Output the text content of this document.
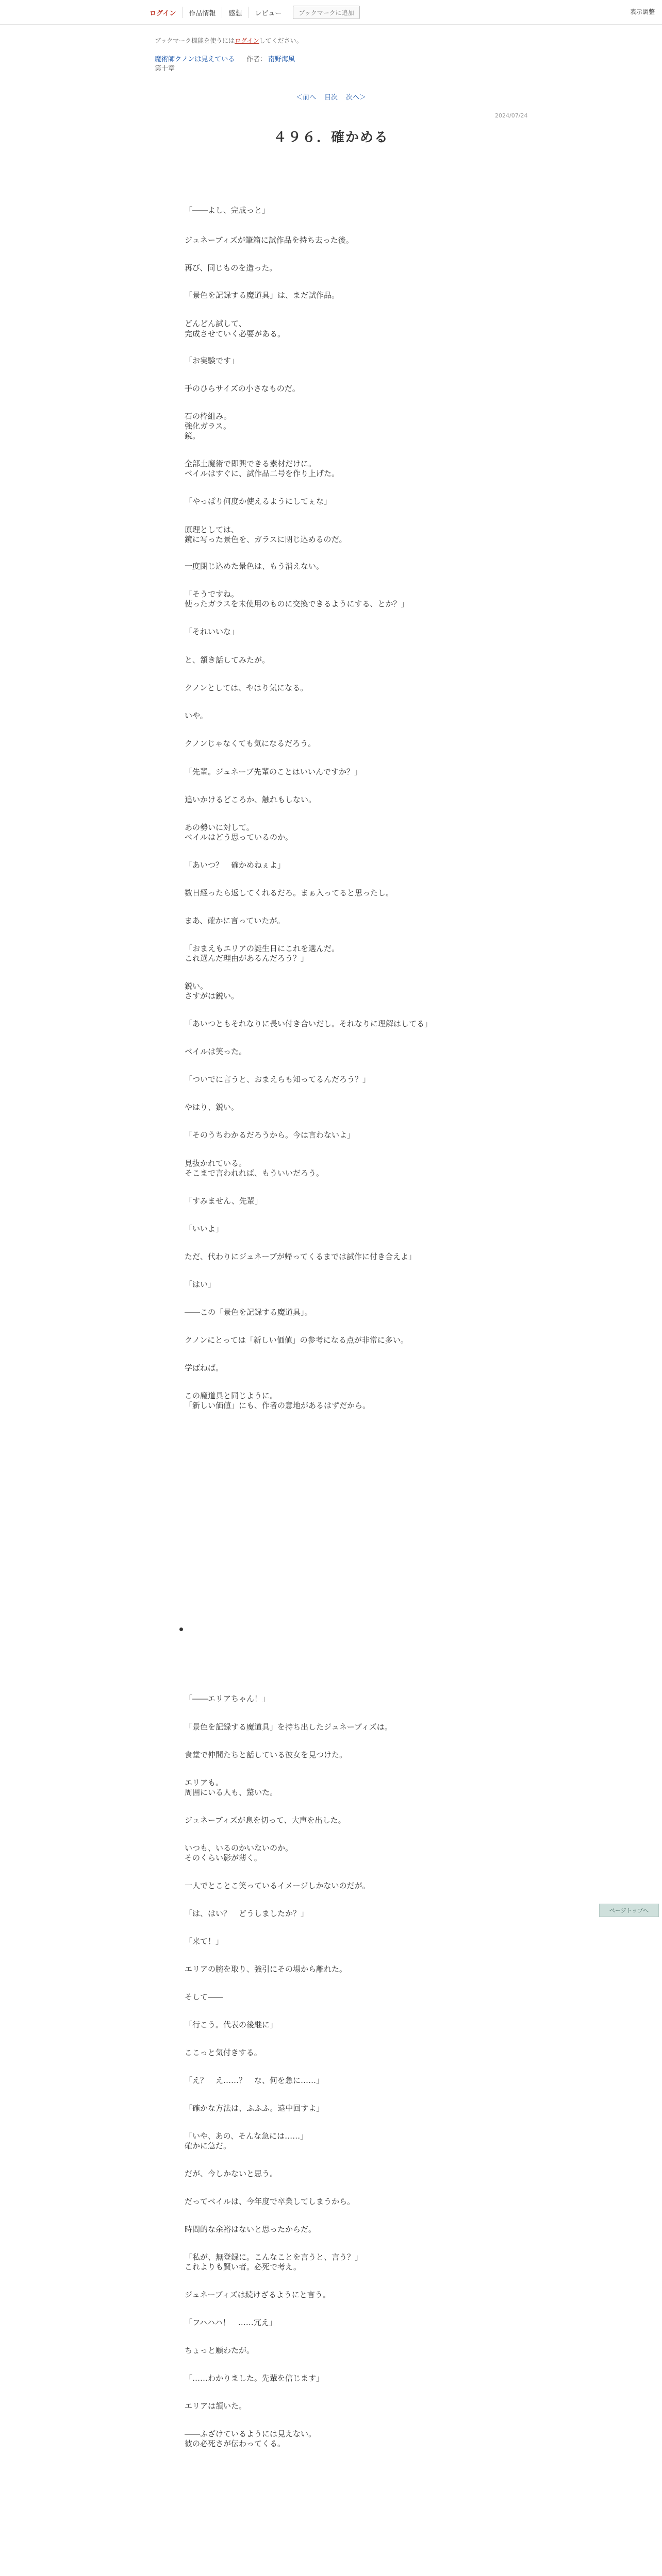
ログイン	作品情報	感想	レビュー	ブックマークに追加	表示調整
ブックマーク機能を使うにはログインしてください。
魔術師クノンは見えている 作者： 南野海風
第十章
＜前へ 目次 次へ＞
2024/07/24
４９６．確かめる

「――よし、完成っと」

ジュネーブィズが筆箱に試作品を持ち去った後。

再び、同じものを造った。

「景色を記録する魔道具」は、まだ試作品。

どんどん試して、

完成させていく必要がある。

「お実験です」

手のひらサイズの小さなものだ。

石の枠組み。

強化ガラス。

鏡。

全部土魔術で即興できる素材だけに。

ベイルはすぐに、試作品二号を作り上げた。

「やっぱり何度か使えるようにしてぇな」

原理としては、

鏡に写った景色を、ガラスに閉じ込めるのだ。

一度閉じ込めた景色は、もう消えない。

「そうですね。

使ったガラスを未使用のものに交換できるようにする、とか？」

「それいいな」

と、頷き話してみたが。

クノンとしては、やはり気になる。

いや。

クノンじゃなくても気になるだろう。

「先輩。ジュネーブ先輩のことはいいんですか？」

追いかけるどころか、触れもしない。

あの勢いに対して。

ベイルはどう思っているのか。

「あいつ？　確かめねぇよ」

数日経ったら返してくれるだろ。まぁ入ってると思ったし。

まあ、確かに言っていたが。

「おまえもエリアの誕生日にこれを選んだ。

これ選んだ理由があるんだろう？」

鋭い。

さすがは鋭い。

「あいつともそれなりに長い付き合いだし。それなりに理解はしてる」

ベイルは笑った。

「ついでに言うと、おまえらも知ってるんだろう？」

やはり、鋭い。

「そのうちわかるだろうから。今は言わないよ」

見抜かれている。

そこまで言われれば、もういいだろう。

「すみません、先輩」

「いいよ」

ただ、代わりにジュネーブが帰ってくるまでは試作に付き合えよ」

「はい」

――この「景色を記録する魔道具」。

クノンにとっては「新しい価値」の参考になる点が非常に多い。

学ばねば。

この魔道具と同じように。

「新しい価値」にも、作者の意地があるはずだから。

「――エリアちゃん！」

「景色を記録する魔道具」を持ち出したジュネーブィズは。

食堂で仲間たちと話している彼女を見つけた。

エリアも。

周囲にいる人も、驚いた。

ジュネーブィズが息を切って、大声を出した。

いつも、いるのかいないのか。

そのくらい影が薄く。

一人でとことこ笑っているイメージしかないのだが。

「は、はい？　どうしましたか？」

「来て！」

エリアの腕を取り、強引にその場から離れた。

そして――

「行こう。代表の後継に」

ここっと気付きする。

「え？　え……？　な、何を急に……」

「確かな方法は、ふふふ。遠中回すよ」

「いや、あの、そんな急には……」

確かに急だ。

だが、今しかないと思う。

だってベイルは、今年度で卒業してしまうから。

時間的な余裕はないと思ったからだ。

「私が、無登録に。こんなことを言うと、言う？」

これよりも賢い者。必死で考え。

ジュネーブィズは続けざるようにと言う。

「フハハハ！　……冗え」

ちょっと願わたが。

「……わかりました。先輩を信じます」

エリアは頷いた。

――ふざけているようには見えない。

彼の必死さが伝わってくる。

ページトップへ
